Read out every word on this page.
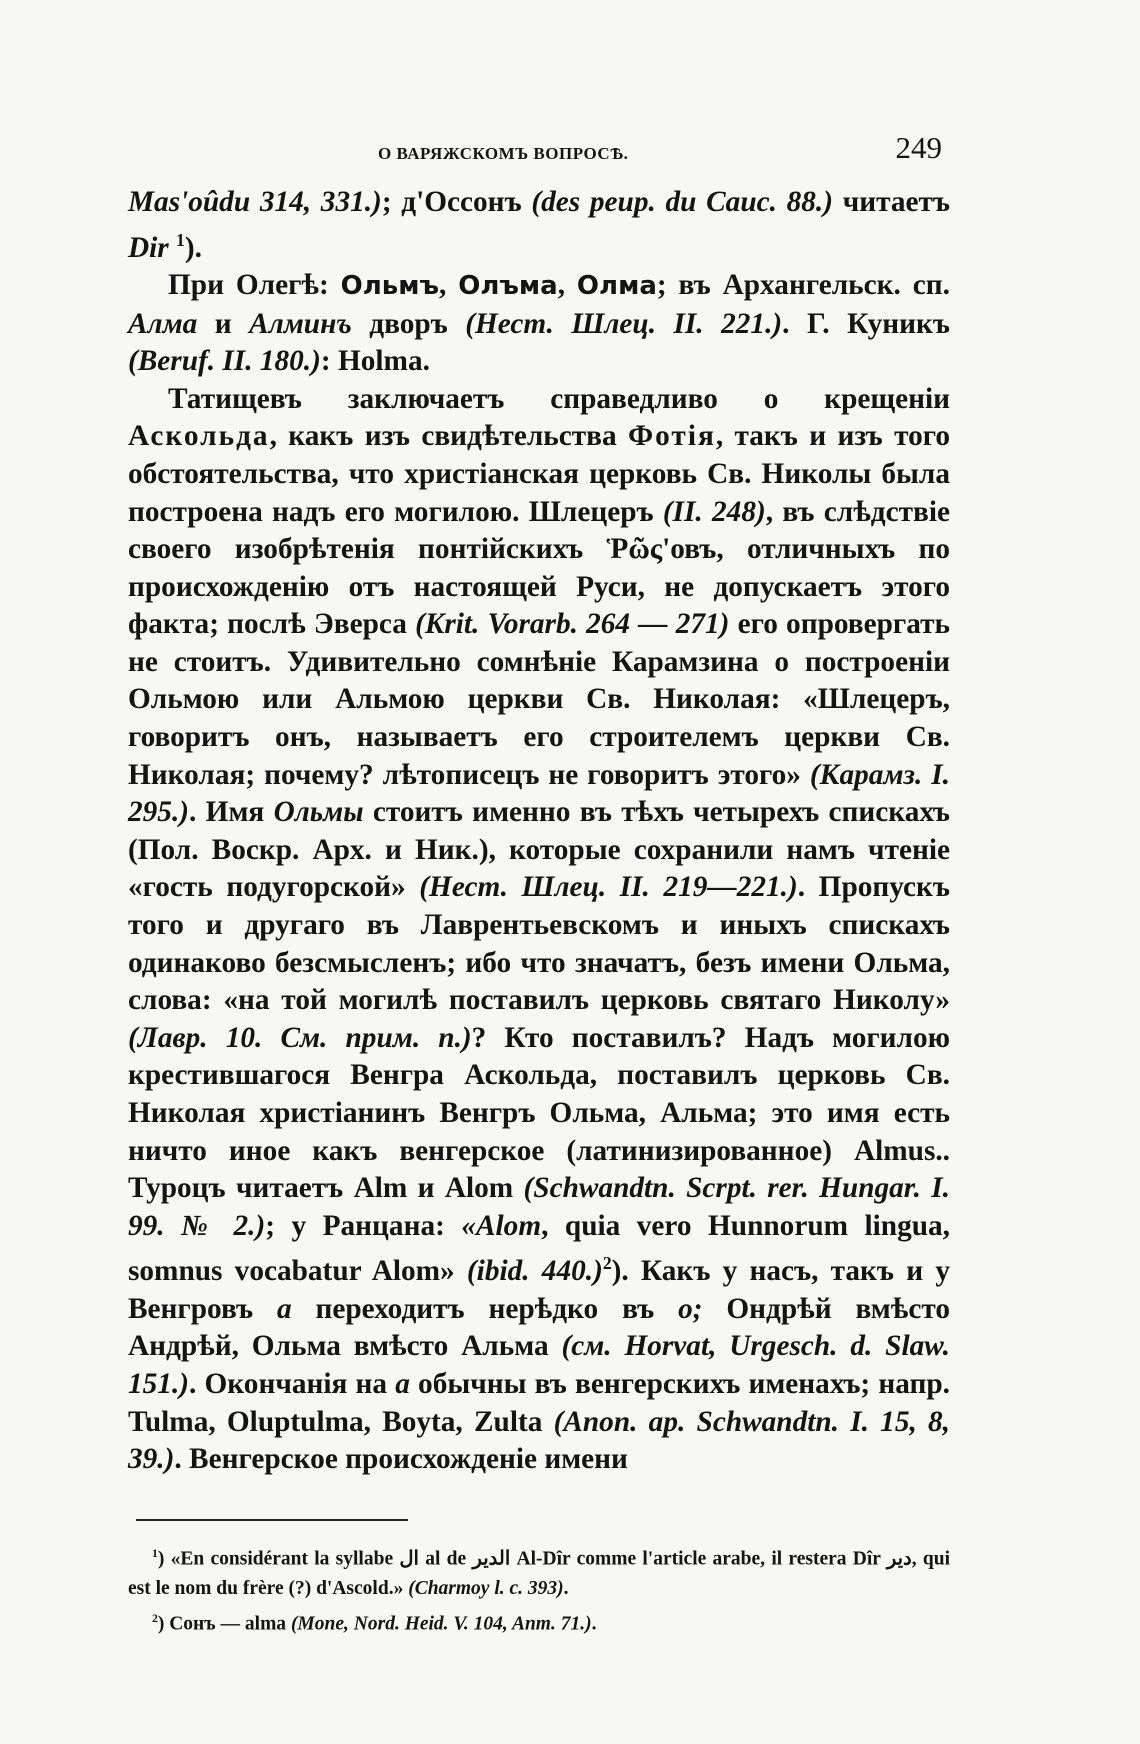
О ВАРЯЖСКОМЪ ВОПРОСѢ.	249

Mas'oûdu 314, 331.); д'Оссонъ (des peup. du Cauc. 88.) читаетъ Dir $^1$).

При Олегѣ: Ольмъ, Олъма, Олма; въ Архангельск. сп. Алма и Алминъ дворъ (Нест. Шлец. II. 221.). Г. Куникъ (Beruf. II. 180.): Holma.

Татищевъ заключаетъ справедливо о крещеніи Аскольда, какъ изъ свидѣтельства Фотія, такъ и изъ того обстоятельства, что христіанская церковь Св. Николы была построена надъ его могилою. Шлецеръ (II. 248), въ слѣдствіе своего изобрѣтенія понтійскихъ Ῥῶς'овъ, отличныхъ по происхожденію отъ настоящей Руси, не допускаетъ этого факта; послѣ Эверса (Krit. Vorarb. 264 — 271) его опровергать не стоитъ. Удивительно сомнѣніе Карамзина о построеніи Ольмою или Альмою церкви Св. Николая: «Шлецеръ, говоритъ онъ, называетъ его строителемъ церкви Св. Николая; почему? лѣтописецъ не говоритъ этого» (Карамз. I. 295.). Имя Ольмы стоитъ именно въ тѣхъ четырехъ спискахъ (Пол. Воскр. Арх. и Ник.), которые сохранили намъ чтеніе «гость подугорской» (Нест. Шлец. II. 219—221.). Пропускъ того и другаго въ Лаврентьевскомъ и иныхъ спискахъ одинаково безсмысленъ; ибо что значатъ, безъ имени Ольма, слова: «на той могилѣ поставилъ церковь святаго Николу» (Лавр. 10. См. прим. п.)? Кто поставилъ? Надъ могилою крестившагося Венгра Аскольда, поставилъ церковь Св. Николая христіанинъ Венгръ Ольма, Альма; это имя есть ничто иное какъ венгерское (латинизированное) Almus.. Туроцъ читаетъ Alm и Alom (Schwandtn. Scrpt. rer. Hungar. I. 99. № 2.); у Ранцана: «Alom, quia vero Hunnorum lingua, somnus vocabatur Alom» (ibid. 440.)$^2$). Какъ у насъ, такъ и у Венгровъ а переходитъ нерѣдко въ о; Ондрѣй вмѣсто Андрѣй, Ольма вмѣсто Альма (см. Horvat, Urgesch. d. Slaw. 151.). Окончанія на а обычны въ венгерскихъ именахъ; напр. Tulma, Oluptulma, Boyta, Zulta (Anon. ap. Schwandtn. I. 15, 8, 39.). Венгерское происхожденіе имени

$^1$) «En considérant la syllabe ال al de الدير Al-Dîr comme l'article arabe, il restera Dîr دير, qui est le nom du frère (?) d'Ascold.» (Charmoy l. c. 393).

$^2$) Сонъ — alma (Mone, Nord. Heid. V. 104, Anm. 71.).
